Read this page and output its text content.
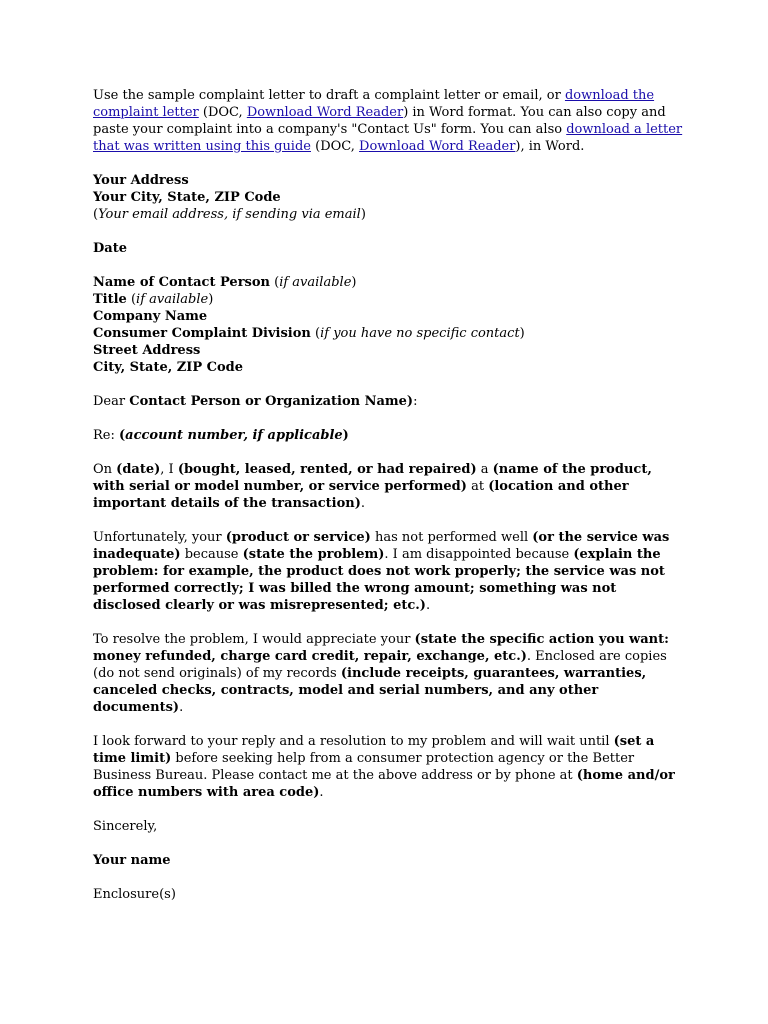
Use the sample complaint letter to draft a complaint letter or email, or download the complaint letter (DOC, Download Word Reader) in Word format. You can also copy and paste your complaint into a company's "Contact Us" form. You can also download a letter that was written using this guide (DOC, Download Word Reader), in Word.

Your Address
Your City, State, ZIP Code
(Your email address, if sending via email)

Date

Name of Contact Person (if available)
Title (if available)
Company Name
Consumer Complaint Division (if you have no specific contact)
Street Address
City, State, ZIP Code

Dear Contact Person or Organization Name):

Re: (account number, if applicable)

On (date), I (bought, leased, rented, or had repaired) a (name of the product, with serial or model number, or service performed) at (location and other important details of the transaction).

Unfortunately, your (product or service) has not performed well (or the service was inadequate) because (state the problem). I am disappointed because (explain the problem: for example, the product does not work properly; the service was not performed correctly; I was billed the wrong amount; something was not disclosed clearly or was misrepresented; etc.).

To resolve the problem, I would appreciate your (state the specific action you want: money refunded, charge card credit, repair, exchange, etc.). Enclosed are copies (do not send originals) of my records (include receipts, guarantees, warranties, canceled checks, contracts, model and serial numbers, and any other documents).

I look forward to your reply and a resolution to my problem and will wait until (set a time limit) before seeking help from a consumer protection agency or the Better Business Bureau. Please contact me at the above address or by phone at (home and/or office numbers with area code).

Sincerely,

Your name

Enclosure(s)
